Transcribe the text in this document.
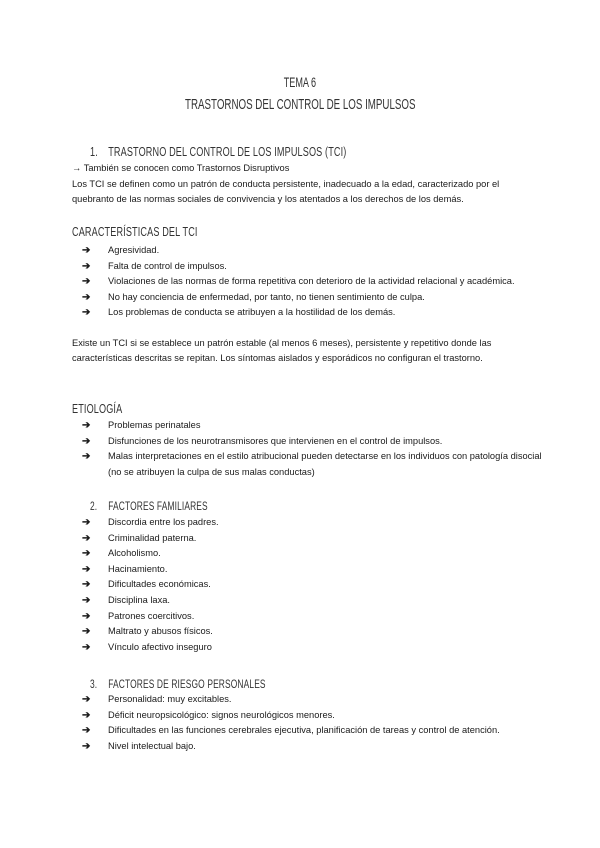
TEMA 6
TRASTORNOS DEL CONTROL DE LOS IMPULSOS
1. TRASTORNO DEL CONTROL DE LOS IMPULSOS (TCI)

→ También se conocen como Trastornos Disruptivos

Los TCI se definen como un patrón de conducta persistente, inadecuado a la edad, caracterizado por el quebranto de las normas sociales de convivencia y los atentados a los derechos de los demás.

CARACTERÍSTICAS DEL TCI
➔ Agresividad.
➔ Falta de control de impulsos.
➔ Violaciones de las normas de forma repetitiva con deterioro de la actividad relacional y académica.
➔ No hay conciencia de enfermedad, por tanto, no tienen sentimiento de culpa.
➔ Los problemas de conducta se atribuyen a la hostilidad de los demás.

Existe un TCI si se establece un patrón estable (al menos 6 meses), persistente y repetitivo donde las características descritas se repitan. Los síntomas aislados y esporádicos no configuran el trastorno.

ETIOLOGÍA
➔ Problemas perinatales
➔ Disfunciones de los neurotransmisores que intervienen en el control de impulsos.
➔ Malas interpretaciones en el estilo atribucional pueden detectarse en los individuos con patología disocial (no se atribuyen la culpa de sus malas conductas)
2. FACTORES FAMILIARES
➔ Discordia entre los padres.
➔ Criminalidad paterna.
➔ Alcoholismo.
➔ Hacinamiento.
➔ Dificultades económicas.
➔ Disciplina laxa.
➔ Patrones coercitivos.
➔ Maltrato y abusos físicos.
➔ Vínculo afectivo inseguro
3. FACTORES DE RIESGO PERSONALES
➔ Personalidad: muy excitables.
➔ Déficit neuropsicológico: signos neurológicos menores.
➔ Dificultades en las funciones cerebrales ejecutiva, planificación de tareas y control de atención.
➔ Nivel intelectual bajo.
